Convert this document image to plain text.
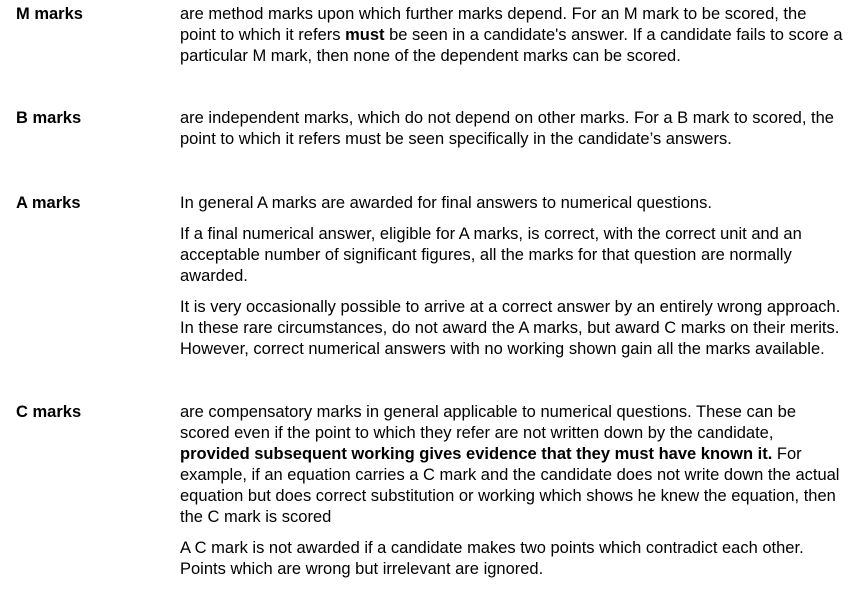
M marks	are method marks upon which further marks depend. For an M mark to be scored, the point to which it refers must be seen in a candidate's answer. If a candidate fails to score a particular M mark, then none of the dependent marks can be scored.

B marks	are independent marks, which do not depend on other marks. For a B mark to scored, the point to which it refers must be seen specifically in the candidate’s answers.

A marks	In general A marks are awarded for final answers to numerical questions.

If a final numerical answer, eligible for A marks, is correct, with the correct unit and an acceptable number of significant figures, all the marks for that question are normally awarded.

It is very occasionally possible to arrive at a correct answer by an entirely wrong approach. In these rare circumstances, do not award the A marks, but award C marks on their merits. However, correct numerical answers with no working shown gain all the marks available.

C marks	are compensatory marks in general applicable to numerical questions. These can be scored even if the point to which they refer are not written down by the candidate, provided subsequent working gives evidence that they must have known it. For example, if an equation carries a C mark and the candidate does not write down the actual equation but does correct substitution or working which shows he knew the equation, then the C mark is scored

A C mark is not awarded if a candidate makes two points which contradict each other. Points which are wrong but irrelevant are ignored.
